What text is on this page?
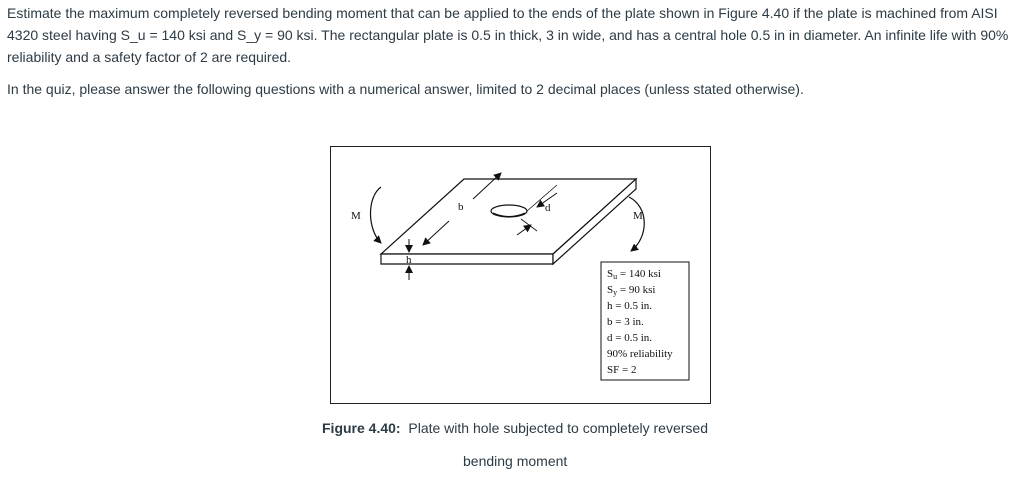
Estimate the maximum completely reversed bending moment that can be applied to the ends of the plate shown in Figure 4.40 if the plate is machined from AISI 4320 steel having S_u = 140 ksi and S_y = 90 ksi. The rectangular plate is 0.5 in thick, 3 in wide, and has a central hole 0.5 in in diameter. An infinite life with 90% reliability and a safety factor of 2 are required.

In the quiz, please answer the following questions with a numerical answer, limited to 2 decimal places (unless stated otherwise).

b	d
h
M	M
Su = 140 ksi
Sy = 90 ksi
h = 0.5 in.
b = 3 in.
d = 0.5 in.
90% reliability
SF = 2
Figure 4.40: Plate with hole subjected to completely reversed
bending moment
